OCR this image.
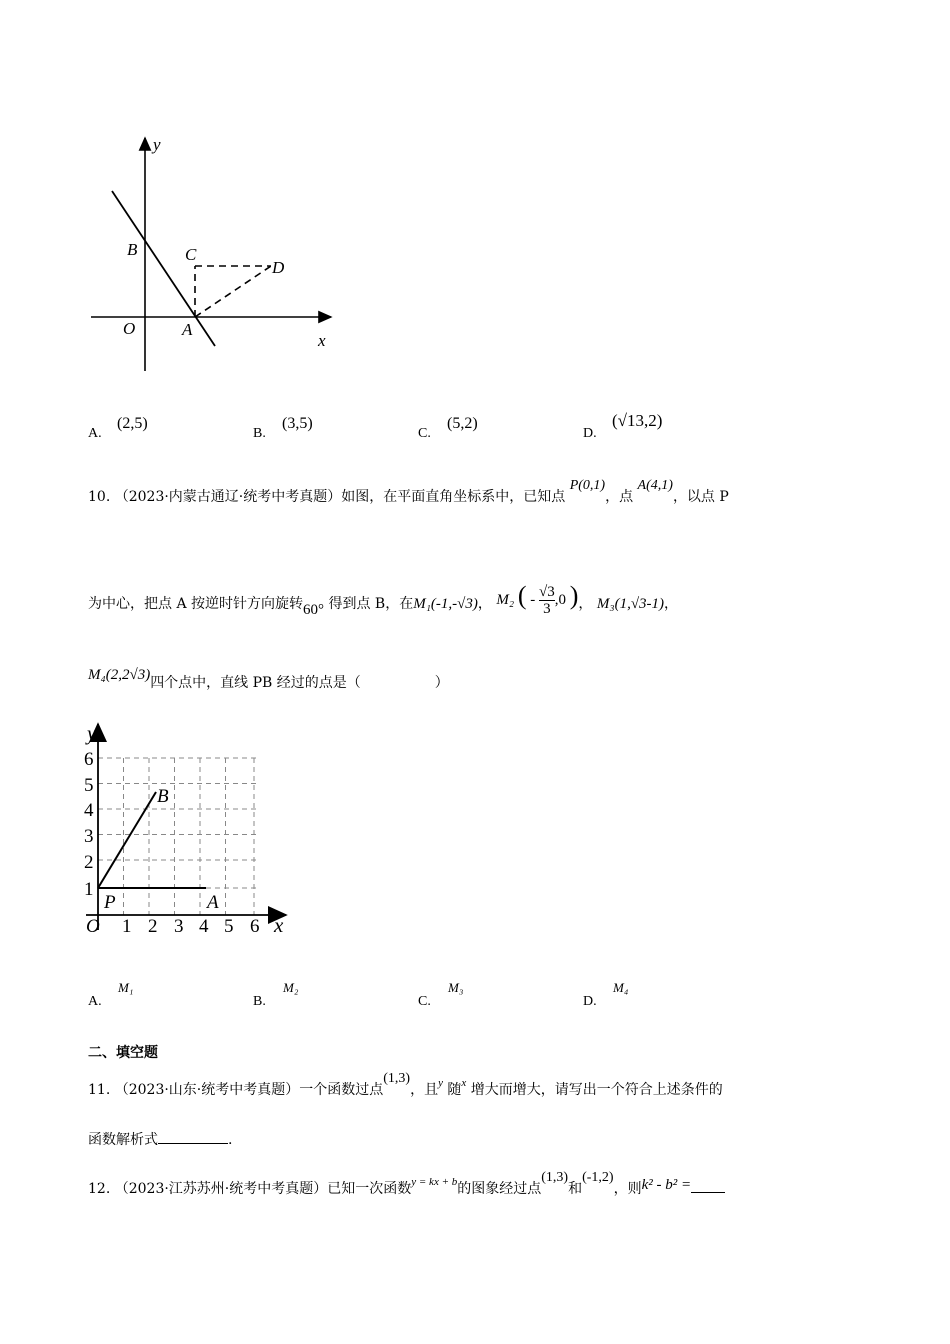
y
x
O	A
B	C
D
A.
(2,5)
B.
(3,5)
C.
(5,2)
D.
(√13,2)
10. （2023·内蒙古通辽·统考中考真题）如图，在平面直角坐标系中，已知点 P(0,1)，点 A(4,1)，以点 P
为中心，把点 A 按逆时针方向旋转60° 得到点 B，在M₁(-1,-√3)， M₂ ( - $\frac{√3}{3} ,0$ )， M₃(1,√3-1)，
M₄(2,2√3)四个点中，直线 PB 经过的点是（	）
6
5
4
3
2
1
1 2 3 4 5 6
O	x
y
P	A
B
A.
M₁
B.
M₂
C.
M₃
D.
M₄
二、填空题
11. （2023·山东·统考中考真题）一个函数过点(1,3)，且$^y$ 随$^x$ 增大而增大，请写出一个符合上述条件的
函数解析式	.
12. （2023·江苏苏州·统考中考真题）已知一次函数$^{y = kx + b}$的图象经过点(1,3)和(-1,2)，则k² - b² =
